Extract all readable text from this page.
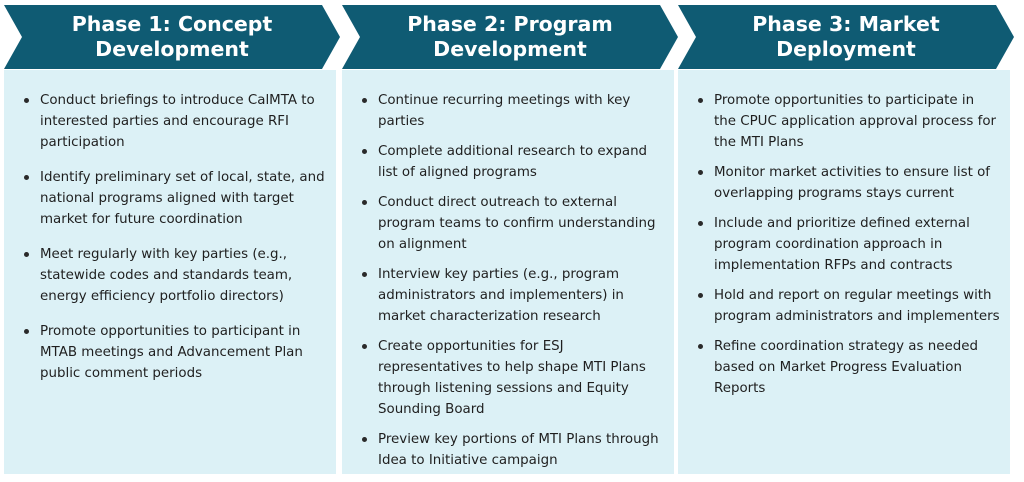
Phase 1: Concept Development
Conduct briefings to introduce CalMTA to interested parties and encourage RFI participation
Identify preliminary set of local, state, and national programs aligned with target market for future coordination
Meet regularly with key parties (e.g., statewide codes and standards team, energy efficiency portfolio directors)
Promote opportunities to participant in MTAB meetings and Advancement Plan public comment periods
Phase 2: Program Development
Continue recurring meetings with key parties
Complete additional research to expand list of aligned programs
Conduct direct outreach to external program teams to confirm understanding on alignment
Interview key parties (e.g., program administrators and implementers) in market characterization research
Create opportunities for ESJ representatives to help shape MTI Plans through listening sessions and Equity Sounding Board
Preview key portions of MTI Plans through Idea to Initiative campaign
Phase 3: Market Deployment
Promote opportunities to participate in the CPUC application approval process for the MTI Plans
Monitor market activities to ensure list of overlapping programs stays current
Include and prioritize defined external program coordination approach in implementation RFPs and contracts
Hold and report on regular meetings with program administrators and implementers
Refine coordination strategy as needed based on Market Progress Evaluation Reports
